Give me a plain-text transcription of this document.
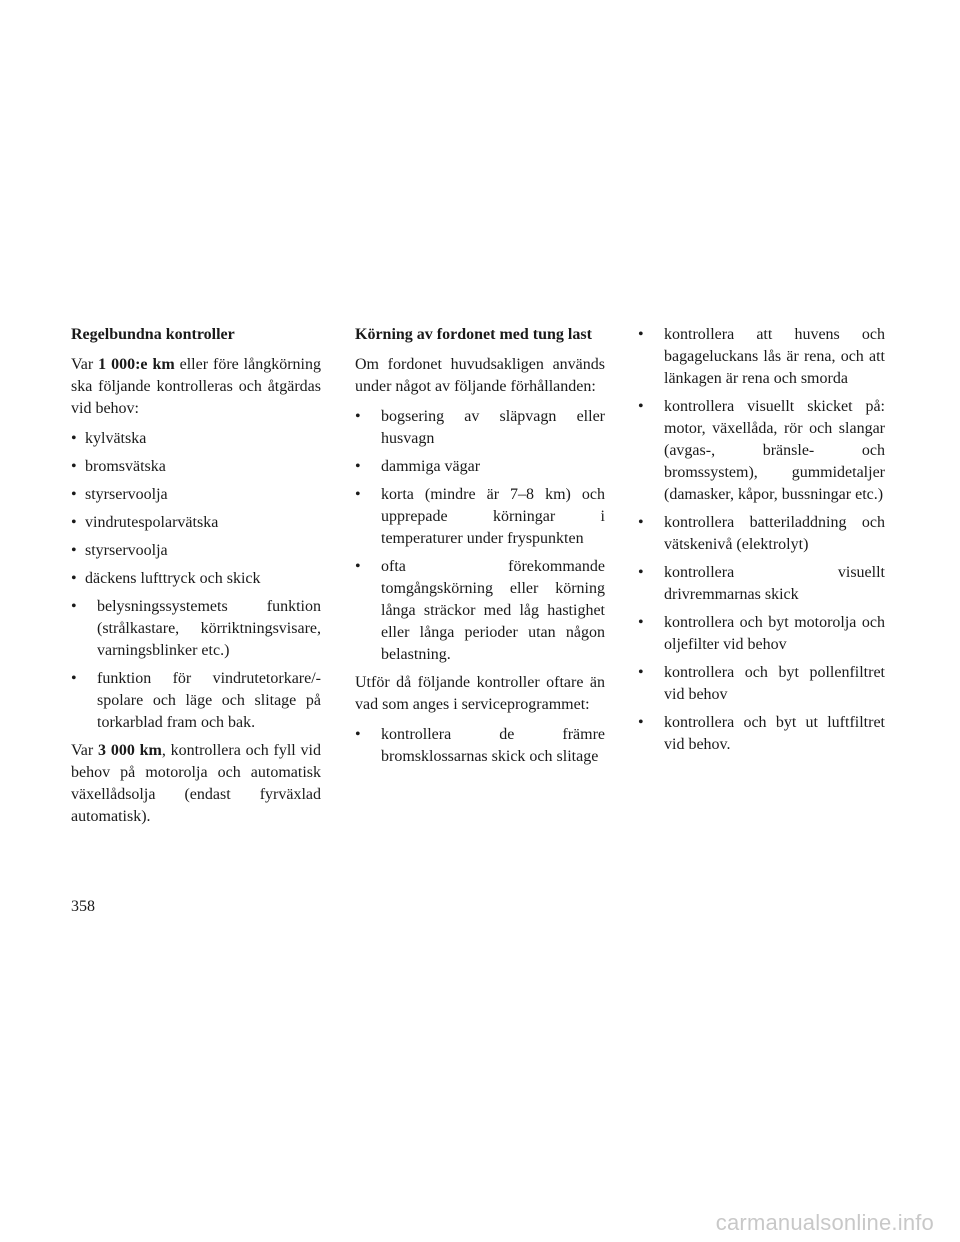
Regelbundna kontroller

Var 1 000:e km eller före långkörning ska följande kontrolleras och åtgärdas vid behov:

• kylvätska
• bromsvätska
• styrservoolja
• vindrutespolarvätska
• styrservoolja
• däckens lufttryck och skick
• belysningssystemets funktion (strålkastare, körriktningsvisare, varningsblinker etc.)
• funktion för vindrutetorkare/-spolare och läge och slitage på torkarblad fram och bak.

Var 3 000 km, kontrollera och fyll vid behov på motorolja och automatisk växellådsolja (endast fyrväxlad automatisk).

Körning av fordonet med tung last

Om fordonet huvudsakligen används under något av följande förhållanden:

• bogsering av släpvagn eller husvagn
• dammiga vägar
• korta (mindre är 7–8 km) och upprepade körningar i temperaturer under fryspunkten
• ofta förekommande tomgångskörning eller körning långa sträckor med låg hastighet eller långa perioder utan någon belastning.

Utför då följande kontroller oftare än vad som anges i serviceprogrammet:

• kontrollera de främre bromsklossarnas skick och slitage
• kontrollera att huvens och bagageluckans lås är rena, och att länkagen är rena och smorda
• kontrollera visuellt skicket på: motor, växellåda, rör och slangar (avgas-, bränsle- och bromssystem), gummidetaljer (damasker, kåpor, bussningar etc.)
• kontrollera batteriladdning och vätskenivå (elektrolyt)
• kontrollera visuellt drivremmarnas skick
• kontrollera och byt motorolja och oljefilter vid behov
• kontrollera och byt pollenfiltret vid behov
• kontrollera och byt ut luftfiltret vid behov.
358
carmanualsonline.info
